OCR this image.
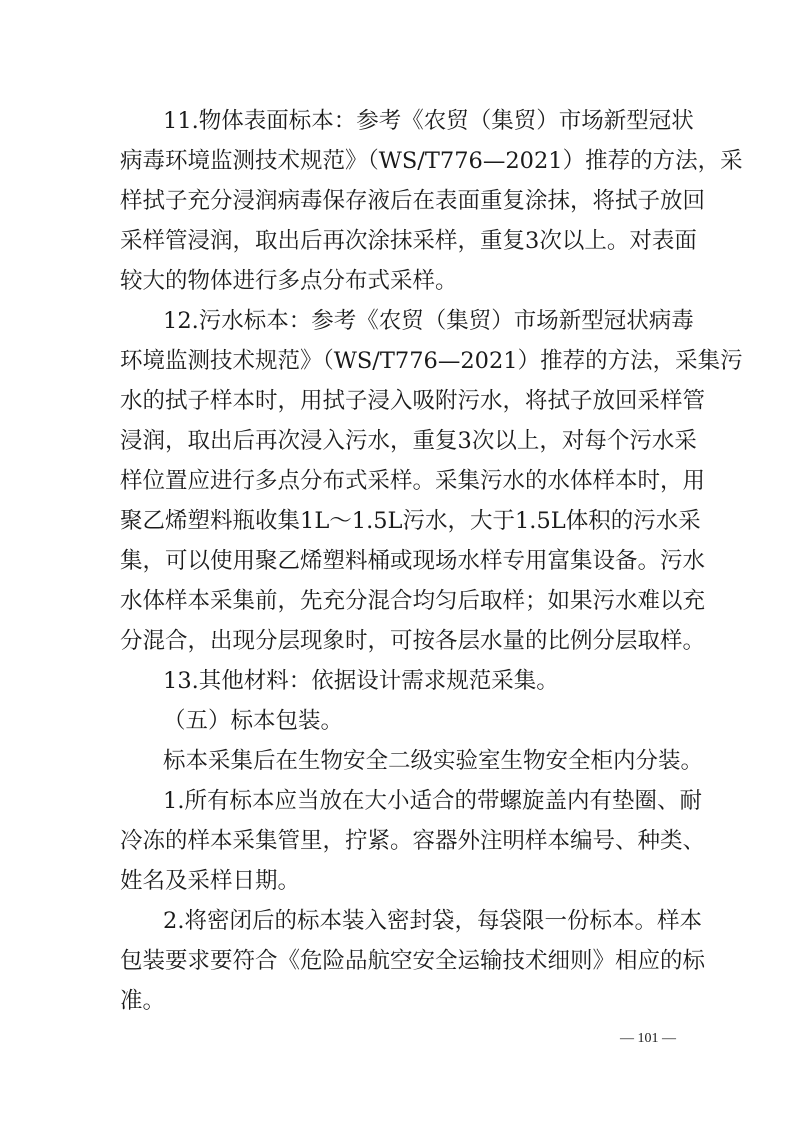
11.物体表面标本：参考《农贸（集贸）市场新型冠状
病毒环境监测技术规范》（WS/T776—2021）推荐的方法，采
样拭子充分浸润病毒保存液后在表面重复涂抹，将拭子放回
采样管浸润，取出后再次涂抹采样，重复3次以上。对表面
较大的物体进行多点分布式采样。
12.污水标本：参考《农贸（集贸）市场新型冠状病毒
环境监测技术规范》（WS/T776—2021）推荐的方法，采集污
水的拭子样本时，用拭子浸入吸附污水，将拭子放回采样管
浸润，取出后再次浸入污水，重复3次以上，对每个污水采
样位置应进行多点分布式采样。采集污水的水体样本时，用
聚乙烯塑料瓶收集1L～1.5L污水，大于1.5L体积的污水采
集，可以使用聚乙烯塑料桶或现场水样专用富集设备。污水
水体样本采集前，先充分混合均匀后取样；如果污水难以充
分混合，出现分层现象时，可按各层水量的比例分层取样。
13.其他材料：依据设计需求规范采集。
（五）标本包装。
标本采集后在生物安全二级实验室生物安全柜内分装。
1.所有标本应当放在大小适合的带螺旋盖内有垫圈、耐
冷冻的样本采集管里，拧紧。容器外注明样本编号、种类、
姓名及采样日期。
2.将密闭后的标本装入密封袋，每袋限一份标本。样本
包装要求要符合《危险品航空安全运输技术细则》相应的标
准。
— 101 —
